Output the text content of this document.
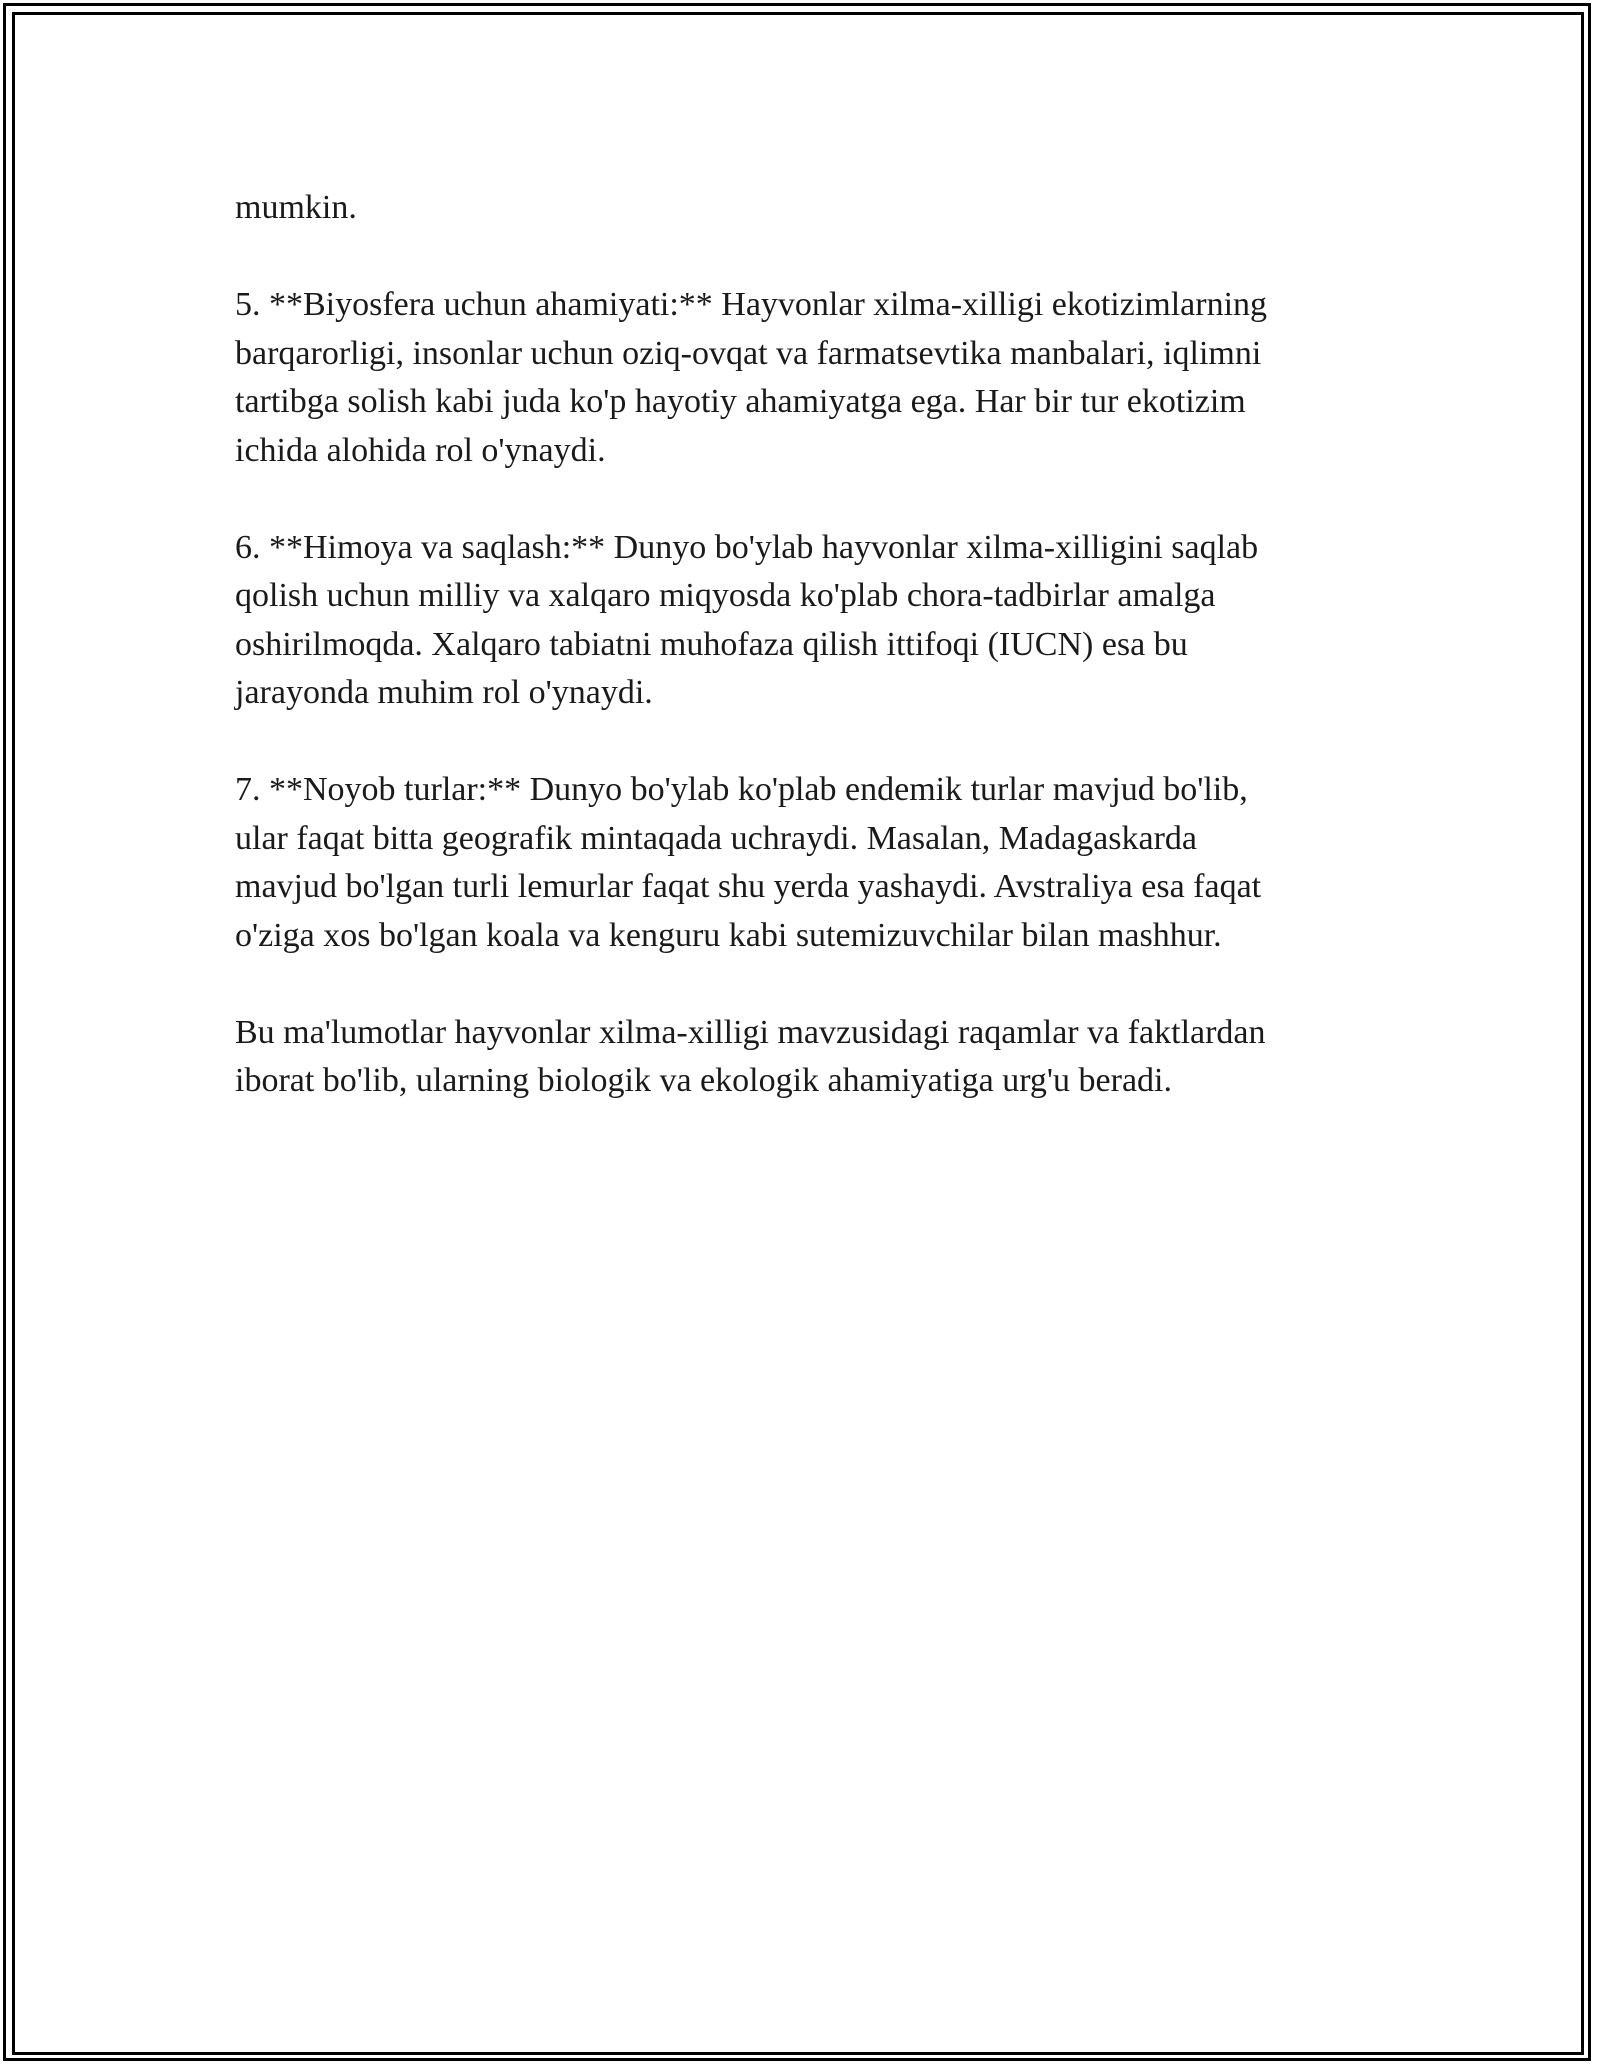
mumkin.

5. **Biyosfera uchun ahamiyati:** Hayvonlar xilma-xilligi ekotizimlarning
barqarorligi, insonlar uchun oziq-ovqat va farmatsevtika manbalari, iqlimni
tartibga solish kabi juda ko'p hayotiy ahamiyatga ega. Har bir tur ekotizim
ichida alohida rol o'ynaydi.

6. **Himoya va saqlash:** Dunyo bo'ylab hayvonlar xilma-xilligini saqlab
qolish uchun milliy va xalqaro miqyosda ko'plab chora-tadbirlar amalga
oshirilmoqda. Xalqaro tabiatni muhofaza qilish ittifoqi (IUCN) esa bu
jarayonda muhim rol o'ynaydi.

7. **Noyob turlar:** Dunyo bo'ylab ko'plab endemik turlar mavjud bo'lib,
ular faqat bitta geografik mintaqada uchraydi. Masalan, Madagaskarda
mavjud bo'lgan turli lemurlar faqat shu yerda yashaydi. Avstraliya esa faqat
o'ziga xos bo'lgan koala va kenguru kabi sutemizuvchilar bilan mashhur.

Bu ma'lumotlar hayvonlar xilma-xilligi mavzusidagi raqamlar va faktlardan
iborat bo'lib, ularning biologik va ekologik ahamiyatiga urg'u beradi.
